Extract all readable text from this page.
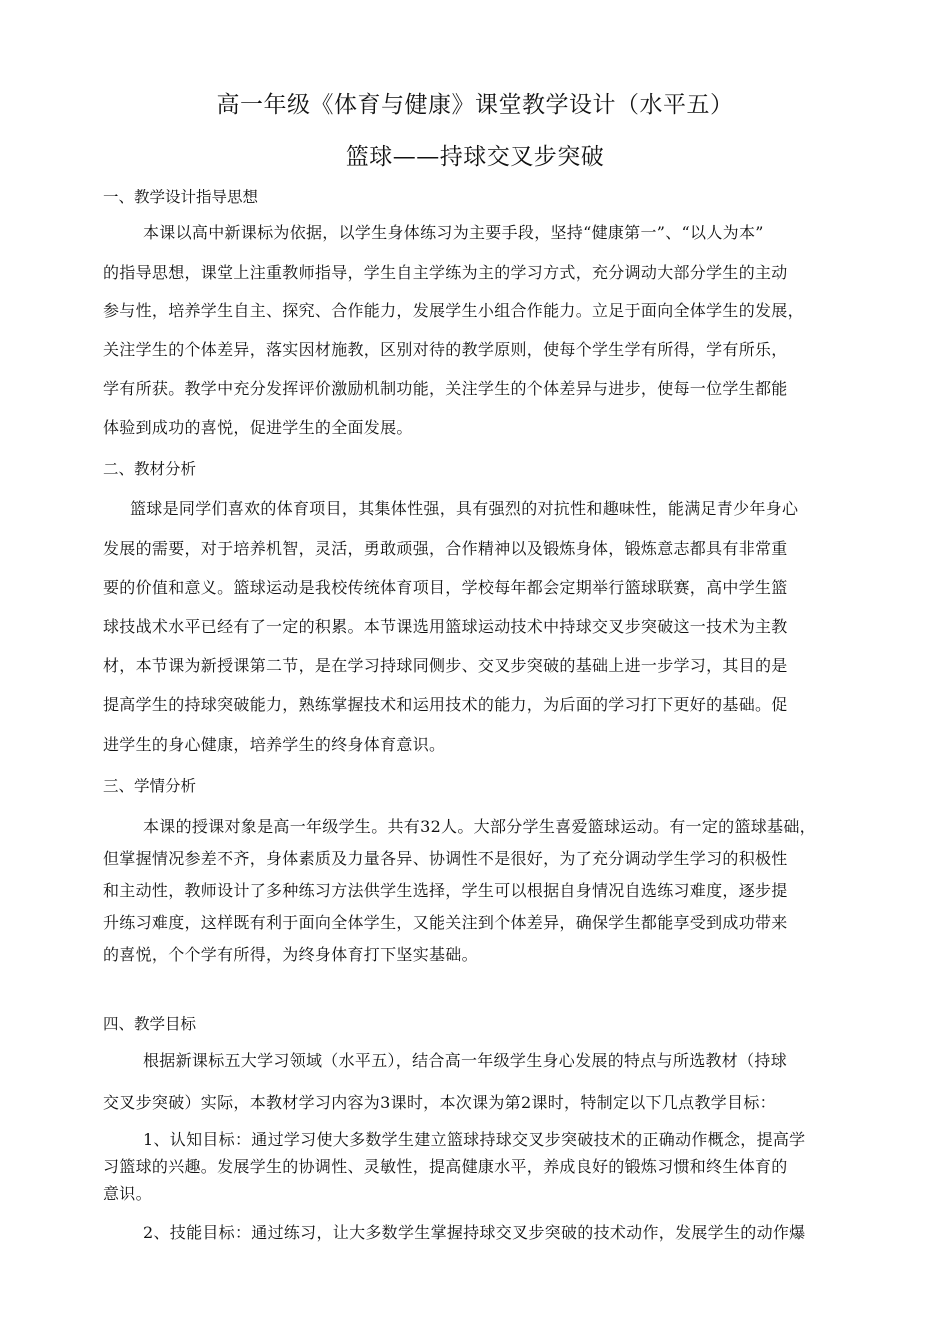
高一年级《体育与健康》课堂教学设计（水平五）
篮球——持球交叉步突破
一、教学设计指导思想
本课以高中新课标为依据，以学生身体练习为主要手段，坚持“健康第一”、“以人为本”
的指导思想，课堂上注重教师指导，学生自主学练为主的学习方式，充分调动大部分学生的主动
参与性，培养学生自主、探究、合作能力，发展学生小组合作能力。立足于面向全体学生的发展，
关注学生的个体差异，落实因材施教，区别对待的教学原则，使每个学生学有所得，学有所乐，
学有所获。教学中充分发挥评价激励机制功能，关注学生的个体差异与进步，使每一位学生都能
体验到成功的喜悦，促进学生的全面发展。
二、教材分析
篮球是同学们喜欢的体育项目，其集体性强，具有强烈的对抗性和趣味性，能满足青少年身心
发展的需要，对于培养机智，灵活，勇敢顽强，合作精神以及锻炼身体，锻炼意志都具有非常重
要的价值和意义。篮球运动是我校传统体育项目，学校每年都会定期举行篮球联赛，高中学生篮
球技战术水平已经有了一定的积累。本节课选用篮球运动技术中持球交叉步突破这一技术为主教
材，本节课为新授课第二节，是在学习持球同侧步、交叉步突破的基础上进一步学习，其目的是
提高学生的持球突破能力，熟练掌握技术和运用技术的能力，为后面的学习打下更好的基础。促
进学生的身心健康，培养学生的终身体育意识。
三、学情分析
本课的授课对象是高一年级学生。共有32人。大部分学生喜爱篮球运动。有一定的篮球基础，
但掌握情况参差不齐，身体素质及力量各异、协调性不是很好，为了充分调动学生学习的积极性
和主动性，教师设计了多种练习方法供学生选择，学生可以根据自身情况自选练习难度，逐步提
升练习难度，这样既有利于面向全体学生，又能关注到个体差异，确保学生都能享受到成功带来
的喜悦，个个学有所得，为终身体育打下坚实基础。
四、教学目标
根据新课标五大学习领域（水平五），结合高一年级学生身心发展的特点与所选教材（持球
交叉步突破）实际，本教材学习内容为3课时，本次课为第2课时，特制定以下几点教学目标：
1、认知目标：通过学习使大多数学生建立篮球持球交叉步突破技术的正确动作概念，提高学
习篮球的兴趣。发展学生的协调性、灵敏性，提高健康水平，养成良好的锻炼习惯和终生体育的
意识。
2、技能目标：通过练习，让大多数学生掌握持球交叉步突破的技术动作，发展学生的动作爆
